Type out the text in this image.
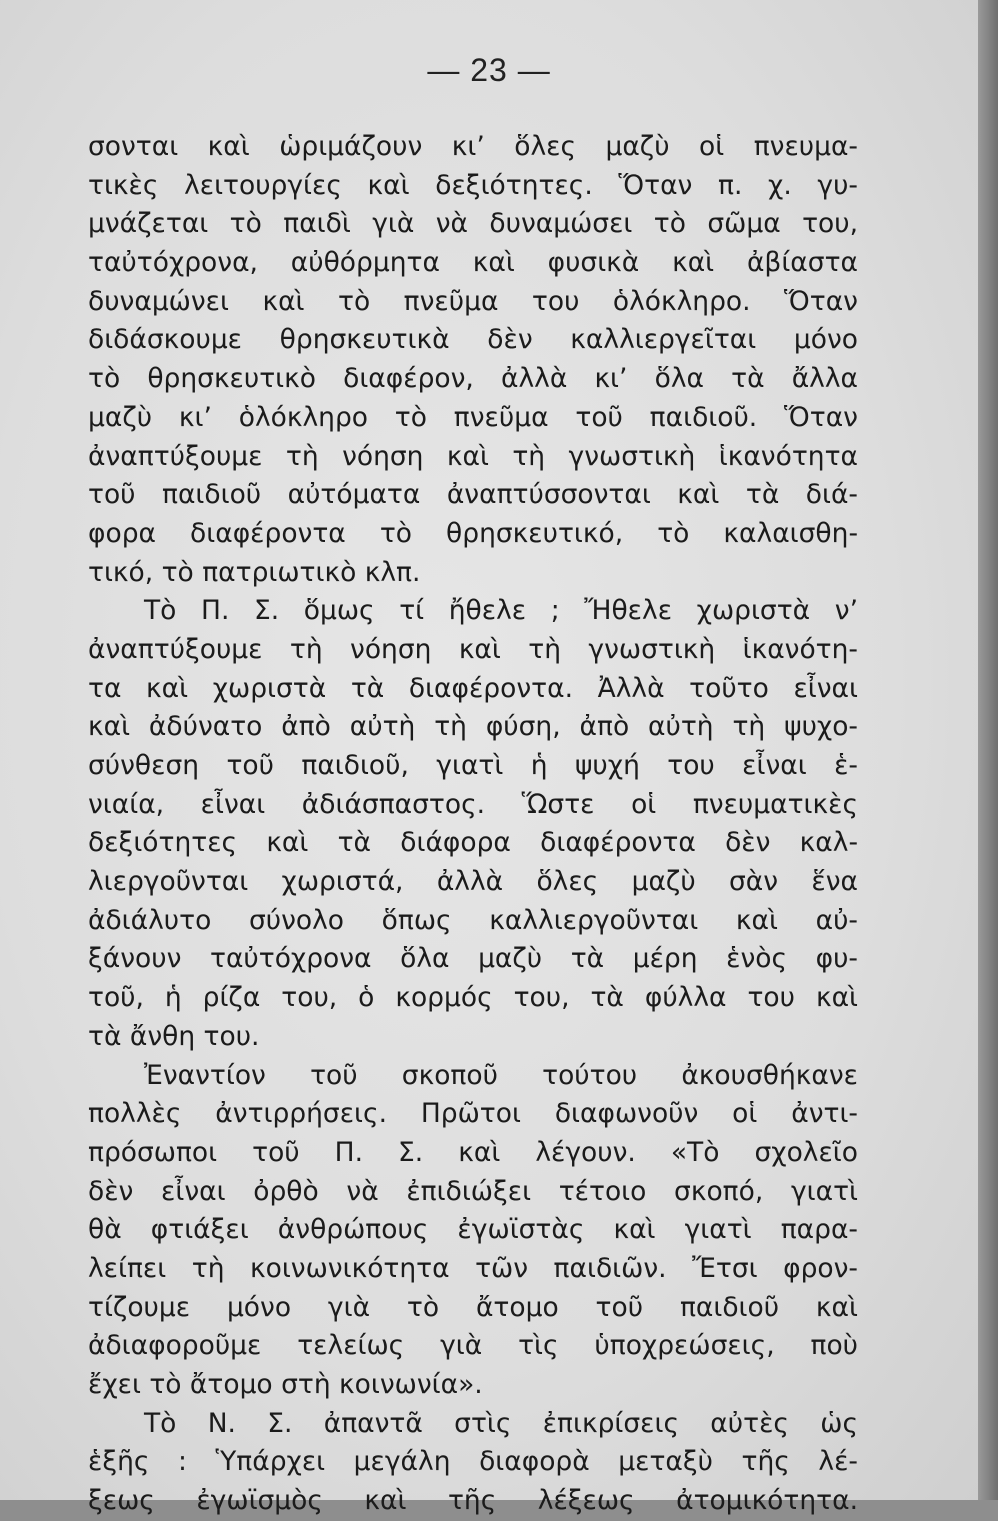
— 23 —
σονται καὶ ὡριμάζουν κι’ ὅλες μαζὺ οἱ πνευμα-
τικὲς λειτουργίες καὶ δεξιότητες. Ὅταν π. χ. γυ-
μνάζεται τὸ παιδὶ γιὰ νὰ δυναμώσει τὸ σῶμα του,
ταὐτόχρονα, αὐθόρμητα καὶ φυσικὰ καὶ ἀβίαστα
δυναμώνει καὶ τὸ πνεῦμα του ὁλόκληρο. Ὅταν
διδάσκουμε θρησκευτικὰ δὲν καλλιεργεῖται μόνο
τὸ θρησκευτικὸ διαφέρον, ἀλλὰ κι’ ὅλα τὰ ἄλλα
μαζὺ κι’ ὁλόκληρο τὸ πνεῦμα τοῦ παιδιοῦ. Ὅταν
ἀναπτύξουμε τὴ νόηση καὶ τὴ γνωστικὴ ἱκανότητα
τοῦ παιδιοῦ αὐτόματα ἀναπτύσσονται καὶ τὰ διά-
φορα διαφέροντα τὸ θρησκευτικό, τὸ καλαισθη-
τικό, τὸ πατριωτικὸ κλπ.
Τὸ Π. Σ. ὅμως τί ἤθελε ; Ἤθελε χωριστὰ ν’
ἀναπτύξουμε τὴ νόηση καὶ τὴ γνωστικὴ ἱκανότη-
τα καὶ χωριστὰ τὰ διαφέροντα. Ἀλλὰ τοῦτο εἶναι
καὶ ἀδύνατο ἀπὸ αὐτὴ τὴ φύση, ἀπὸ αὐτὴ τὴ ψυχο-
σύνθεση τοῦ παιδιοῦ, γιατὶ ἡ ψυχή του εἶναι ἑ-
νιαία, εἶναι ἀδιάσπαστος. Ὥστε οἱ πνευματικὲς
δεξιότητες καὶ τὰ διάφορα διαφέροντα δὲν καλ-
λιεργοῦνται χωριστά, ἀλλὰ ὅλες μαζὺ σὰν ἕνα
ἀδιάλυτο σύνολο ὅπως καλλιεργοῦνται καὶ αὐ-
ξάνουν ταὐτόχρονα ὅλα μαζὺ τὰ μέρη ἑνὸς φυ-
τοῦ, ἡ ρίζα του, ὁ κορμός του, τὰ φύλλα του καὶ
τὰ ἄνθη του.
Ἐναντίον τοῦ σκοποῦ τούτου ἀκουσθήκανε
πολλὲς ἀντιρρήσεις. Πρῶτοι διαφωνοῦν οἱ ἀντι-
πρόσωποι τοῦ Π. Σ. καὶ λέγουν. «Τὸ σχολεῖο
δὲν εἶναι ὀρθὸ νὰ ἐπιδιώξει τέτοιο σκοπό, γιατὶ
θὰ φτιάξει ἀνθρώπους ἐγωϊστὰς καὶ γιατὶ παρα-
λείπει τὴ κοινωνικότητα τῶν παιδιῶν. Ἔτσι φρον-
τίζουμε μόνο γιὰ τὸ ἄτομο τοῦ παιδιοῦ καὶ
ἀδιαφοροῦμε τελείως γιὰ τὶς ὑποχρεώσεις, ποὺ
ἔχει τὸ ἄτομο στὴ κοινωνία».
Τὸ Ν. Σ. ἀπαντᾶ στὶς ἐπικρίσεις αὐτὲς ὡς
ἑξῆς : Ὑπάρχει μεγάλη διαφορὰ μεταξὺ τῆς λέ-
ξεως ἐγωϊσμὸς καὶ τῆς λέξεως ἀτομικότητα.
